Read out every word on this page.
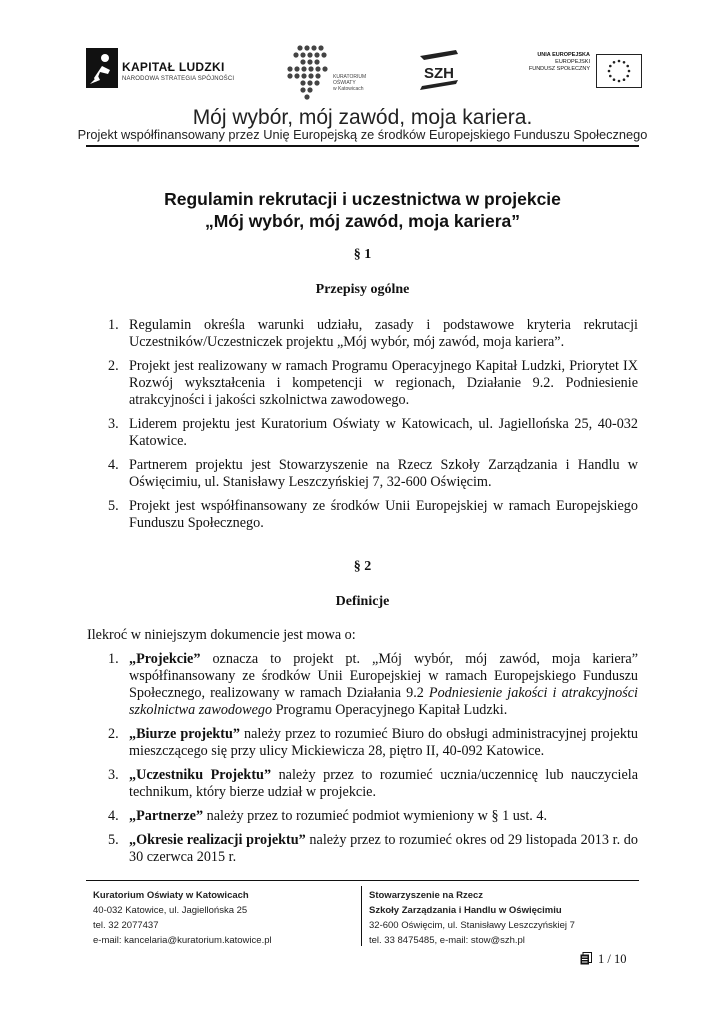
KAPITAŁ LUDZKI
NARODOWA STRATEGIA SPÓJNOŚCI	KURATORIUM
OŚWIATY
w Katowicach
SZH
UNIA EUROPEJSKA
EUROPEJSKI
FUNDUSZ SPOŁECZNY
Mój wybór, mój zawód, moja kariera.
Projekt współfinansowany przez Unię Europejską ze środków Europejskiego Funduszu Społecznego
Regulamin rekrutacji i uczestnictwa w projekcie
„Mój wybór, mój zawód, moja kariera”
§ 1
Przepisy ogólne
1. Regulamin określa warunki udziału, zasady i podstawowe kryteria rekrutacji Uczestników/Uczestniczek projektu „Mój wybór, mój zawód, moja kariera”.
2. Projekt jest realizowany w ramach Programu Operacyjnego Kapitał Ludzki, Priorytet IX Rozwój wykształcenia i kompetencji w regionach, Działanie 9.2. Podniesienie atrakcyjności i jakości szkolnictwa zawodowego.
3. Liderem projektu jest Kuratorium Oświaty w Katowicach, ul. Jagiellońska 25, 40-032 Katowice.
4. Partnerem projektu jest Stowarzyszenie na Rzecz Szkoły Zarządzania i Handlu w Oświęcimiu, ul. Stanisławy Leszczyńskiej 7, 32-600 Oświęcim.
5. Projekt jest współfinansowany ze środków Unii Europejskiej w ramach Europejskiego Funduszu Społecznego.
§ 2
Definicje
Ilekroć w niniejszym dokumencie jest mowa o:
1. „Projekcie” oznacza to projekt pt. „Mój wybór, mój zawód, moja kariera” współfinansowany ze środków Unii Europejskiej w ramach Europejskiego Funduszu Społecznego, realizowany w ramach Działania 9.2 Podniesienie jakości i atrakcyjności szkolnictwa zawodowego Programu Operacyjnego Kapitał Ludzki.
2. „Biurze projektu” należy przez to rozumieć Biuro do obsługi administracyjnej projektu mieszczącego się przy ulicy Mickiewicza 28, piętro II, 40-092 Katowice.
3. „Uczestniku Projektu” należy przez to rozumieć ucznia/uczennicę lub nauczyciela technikum, który bierze udział w projekcie.
4. „Partnerze” należy przez to rozumieć podmiot wymieniony w § 1 ust. 4.
5. „Okresie realizacji projektu” należy przez to rozumieć okres od 29 listopada 2013 r. do 30 czerwca 2015 r.
Kuratorium Oświaty w Katowicach
40-032 Katowice, ul. Jagiellońska 25
tel. 32 2077437
e-mail: kancelaria@kuratorium.katowice.pl
Stowarzyszenie na Rzecz
Szkoły Zarządzania i Handlu w Oświęcimiu
32-600 Oświęcim, ul. Stanisławy Leszczyńskiej 7
tel. 33 8475485, e-mail: stow@szh.pl
1 / 10
